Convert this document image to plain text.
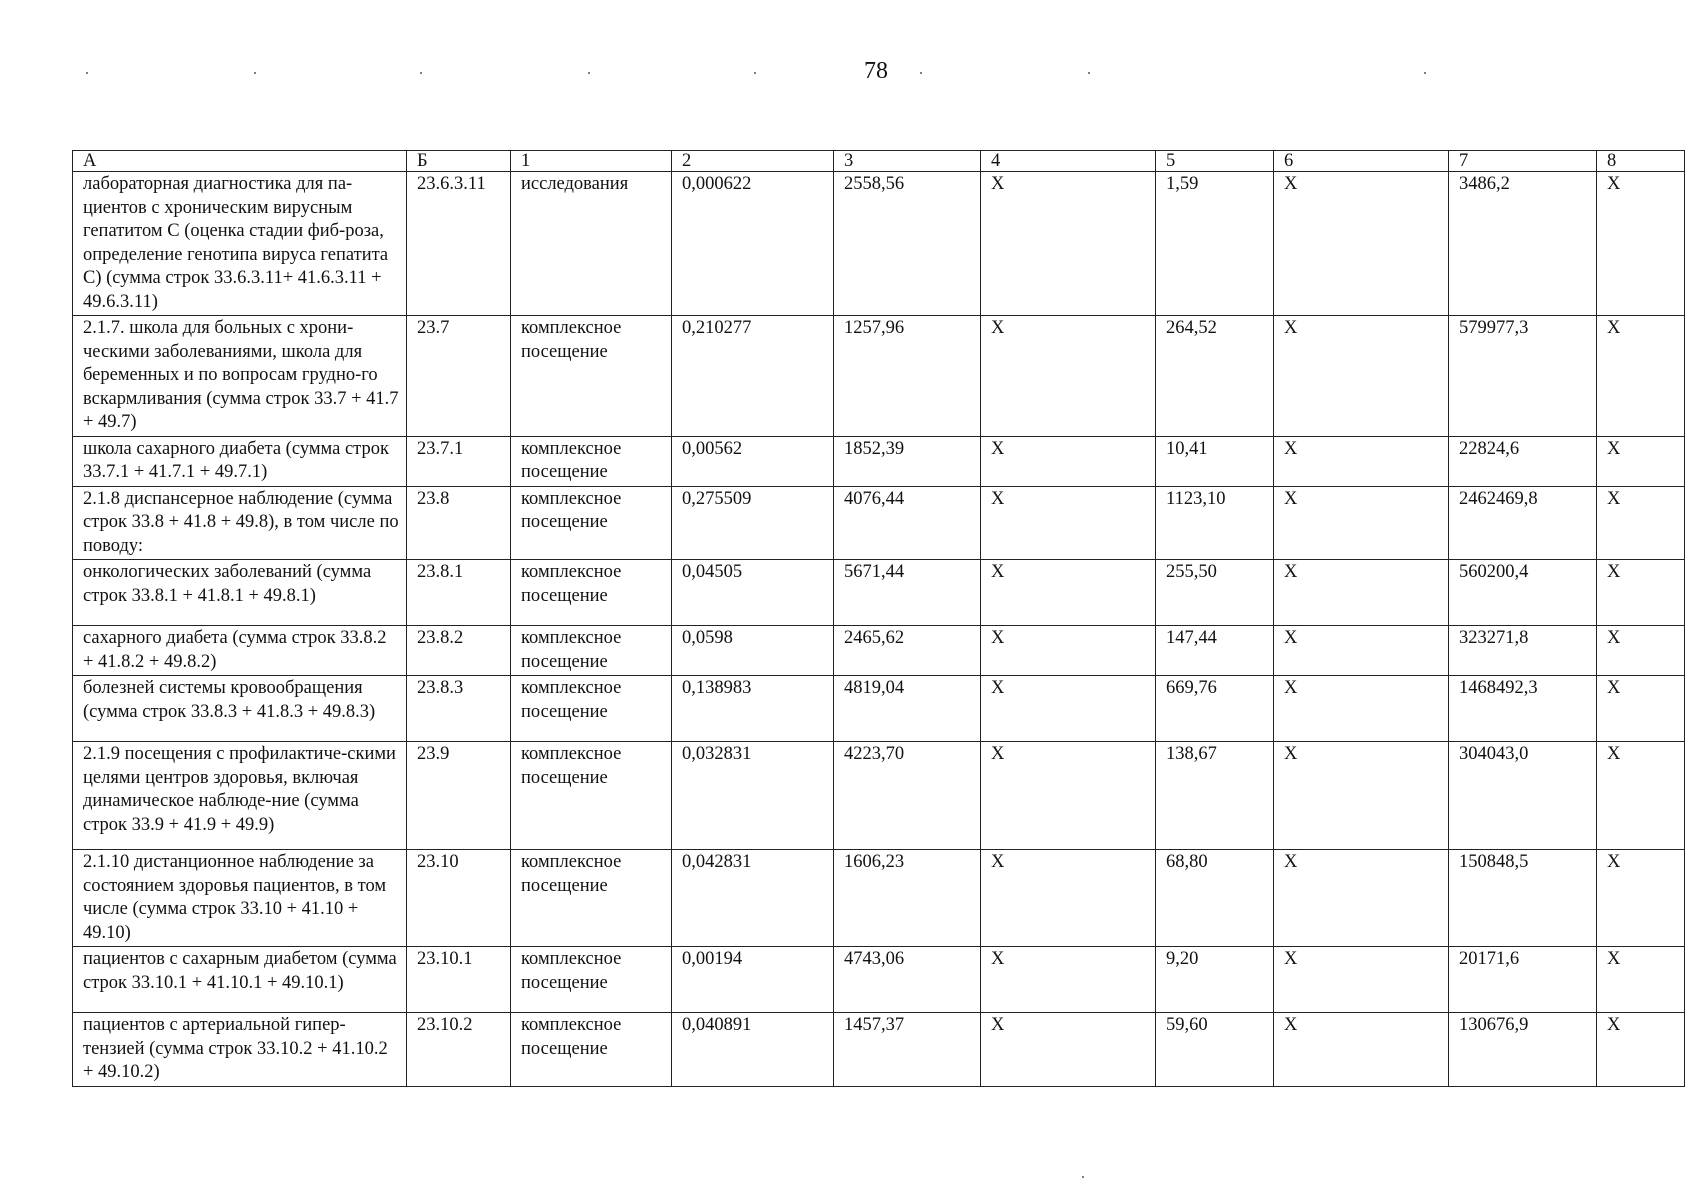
78
А	Б	1	2	3	4	5	6	7	8
лабораторная диагностика для па-циентов с хроническим вирусным гепатитом С (оценка стадии фиб-роза, определение генотипа вируса гепатита С) (сумма строк 33.6.3.11+ 41.6.3.11 + 49.6.3.11)	23.6.3.11	исследования	0,000622	2558,56	X	1,59	X	3486,2	X
2.1.7. школа для больных с хрони-ческими заболеваниями, школа для беременных и по вопросам грудно-го вскармливания (сумма строк 33.7 + 41.7 + 49.7)	23.7	комплексное посещение	0,210277	1257,96	X	264,52	X	579977,3	X
школа сахарного диабета (сумма строк 33.7.1 + 41.7.1 + 49.7.1)	23.7.1	комплексное посещение	0,00562	1852,39	X	10,41	X	22824,6	X
2.1.8 диспансерное наблюдение (сумма строк 33.8 + 41.8 + 49.8), в том числе по поводу:	23.8	комплексное посещение	0,275509	4076,44	X	1123,10	X	2462469,8	X
онкологических заболеваний (сумма строк 33.8.1 + 41.8.1 + 49.8.1)	23.8.1	комплексное посещение	0,04505	5671,44	X	255,50	X	560200,4	X
сахарного диабета (сумма строк 33.8.2 + 41.8.2 + 49.8.2)	23.8.2	комплексное посещение	0,0598	2465,62	X	147,44	X	323271,8	X
болезней системы кровообращения (сумма строк 33.8.3 + 41.8.3 + 49.8.3)	23.8.3	комплексное посещение	0,138983	4819,04	X	669,76	X	1468492,3	X
2.1.9 посещения с профилактиче-скими целями центров здоровья, включая динамическое наблюде-ние (сумма строк 33.9 + 41.9 + 49.9)	23.9	комплексное посещение	0,032831	4223,70	X	138,67	X	304043,0	X
2.1.10 дистанционное наблюдение за состоянием здоровья пациентов, в том числе (сумма строк 33.10 + 41.10 + 49.10)	23.10	комплексное посещение	0,042831	1606,23	X	68,80	X	150848,5	X
пациентов с сахарным диабетом (сумма строк 33.10.1 + 41.10.1 + 49.10.1)	23.10.1	комплексное посещение	0,00194	4743,06	X	9,20	X	20171,6	X
пациентов с артериальной гипер-тензией (сумма строк 33.10.2 + 41.10.2 + 49.10.2)	23.10.2	комплексное посещение	0,040891	1457,37	X	59,60	X	130676,9	X
